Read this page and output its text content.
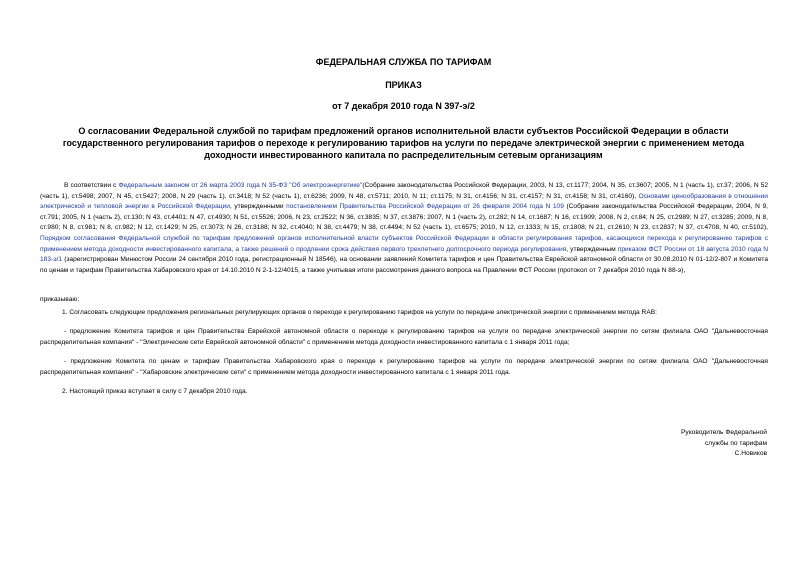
ФЕДЕРАЛЬНАЯ СЛУЖБА ПО ТАРИФАМ
ПРИКАЗ
от 7 декабря 2010 года N 397-э/2
О согласовании Федеральной службой по тарифам предложений органов исполнительной власти субъектов Российской Федерации в области государственного регулирования тарифов о переходе к регулированию тарифов на услуги по передаче электрической энергии с применением метода доходности инвестированного капитала по распределительным сетевым организациям
В соответствии с Федеральным законом от 26 марта 2003 года N 35-ФЗ "Об электроэнергетике"(Собрание законодательства Российской Федерации, 2003, N 13, ст.1177; 2004, N 35, ст.3607; 2005, N 1 (часть 1), ст.37; 2006, N 52 (часть 1), ст.5498; 2007, N 45, ст.5427; 2008, N 29 (часть 1), ст.3418; N 52 (часть 1), ст.6236; 2009, N 48, ст.5711; 2010, N 11; ст.1175; N 31, ст.4156; N 31, ст.4157; N 31, ст.4158; N 31, ст.4160), Основами ценообразования в отношении электрической и тепловой энергии в Российской Федерации, утвержденными постановлением Правительства Российской Федерации от 26 февраля 2004 года N 109 (Собрание законодательства Российской Федерации, 2004, N 9, ст.791; 2005, N 1 (часть 2), ст.130; N 43, ст.4401; N 47, ст.4930; N 51, ст.5526; 2006, N 23, ст.2522; N 36, ст.3835; N 37, ст.3876; 2007, N 1 (часть 2), ст.282; N 14, ст.1687; N 16, ст.1909; 2008, N 2, ст.84; N 25, ст.2989; N 27, ст.3285; 2009, N 8, ст.980; N 8, ст.981; N 8, ст.982; N 12, ст.1429; N 25, ст.3073; N 26, ст.3188; N 32, ст.4040; N 38, ст.4479; N 38, ст.4494; N 52 (часть 1), ст.6575; 2010, N 12, ст.1333; N 15, ст.1808; N 21, ст.2610; N 23, ст.2837; N 37, ст.4708, N 40, ст.5102), Порядком согласования Федеральной службой по тарифам предложений органов исполнительной власти субъектов Российской Федерации в области регулирования тарифов, касающихся перехода к регулированию тарифов с применением метода доходности инвестированного капитала, а также решений о продлении срока действия первого трехлетнего долгосрочного периода регулирования, утвержденным приказом ФСТ России от 18 августа 2010 года N 183-э/1 (зарегистрирован Минюстом России 24 сентября 2010 года, регистрационный N 18546), на основании заявлений Комитета тарифов и цен Правительства Еврейской автономной области от 30.08.2010 N 01-12/2-807 и Комитета по ценам и тарифам Правительства Хабаровского края от 14.10.2010 N 2-1-12/4015, а также учитывая итоги рассмотрения данного вопроса на Правлении ФСТ России (протокол от 7 декабря 2010 года N 88-э),
приказываю:
1. Согласовать следующие предложения региональных регулирующих органов о переходе к регулированию тарифов на услуги по передаче электрической энергии с применением метода RAB:
- предложение Комитета тарифов и цен Правительства Еврейской автономной области о переходе к регулированию тарифов на услуги по передаче электрической энергии по сетям филиала ОАО "Дальневосточная распределительная компания" - "Электрические сети Еврейской автономной области" с применением метода доходности инвестированного капитала с 1 января 2011 года;
- предложение Комитета по ценам и тарифам Правительства Хабаровского края о переходе к регулированию тарифов на услуги по передаче электрической энергии по сетям филиала ОАО "Дальневосточная распределительная компания" - "Хабаровские электрические сети" с применением метода доходности инвестированного капитала с 1 января 2011 года.
2. Настоящий приказ вступает в силу с 7 декабря 2010 года.
Руководитель Федеральной
службы по тарифам
С.Новиков
